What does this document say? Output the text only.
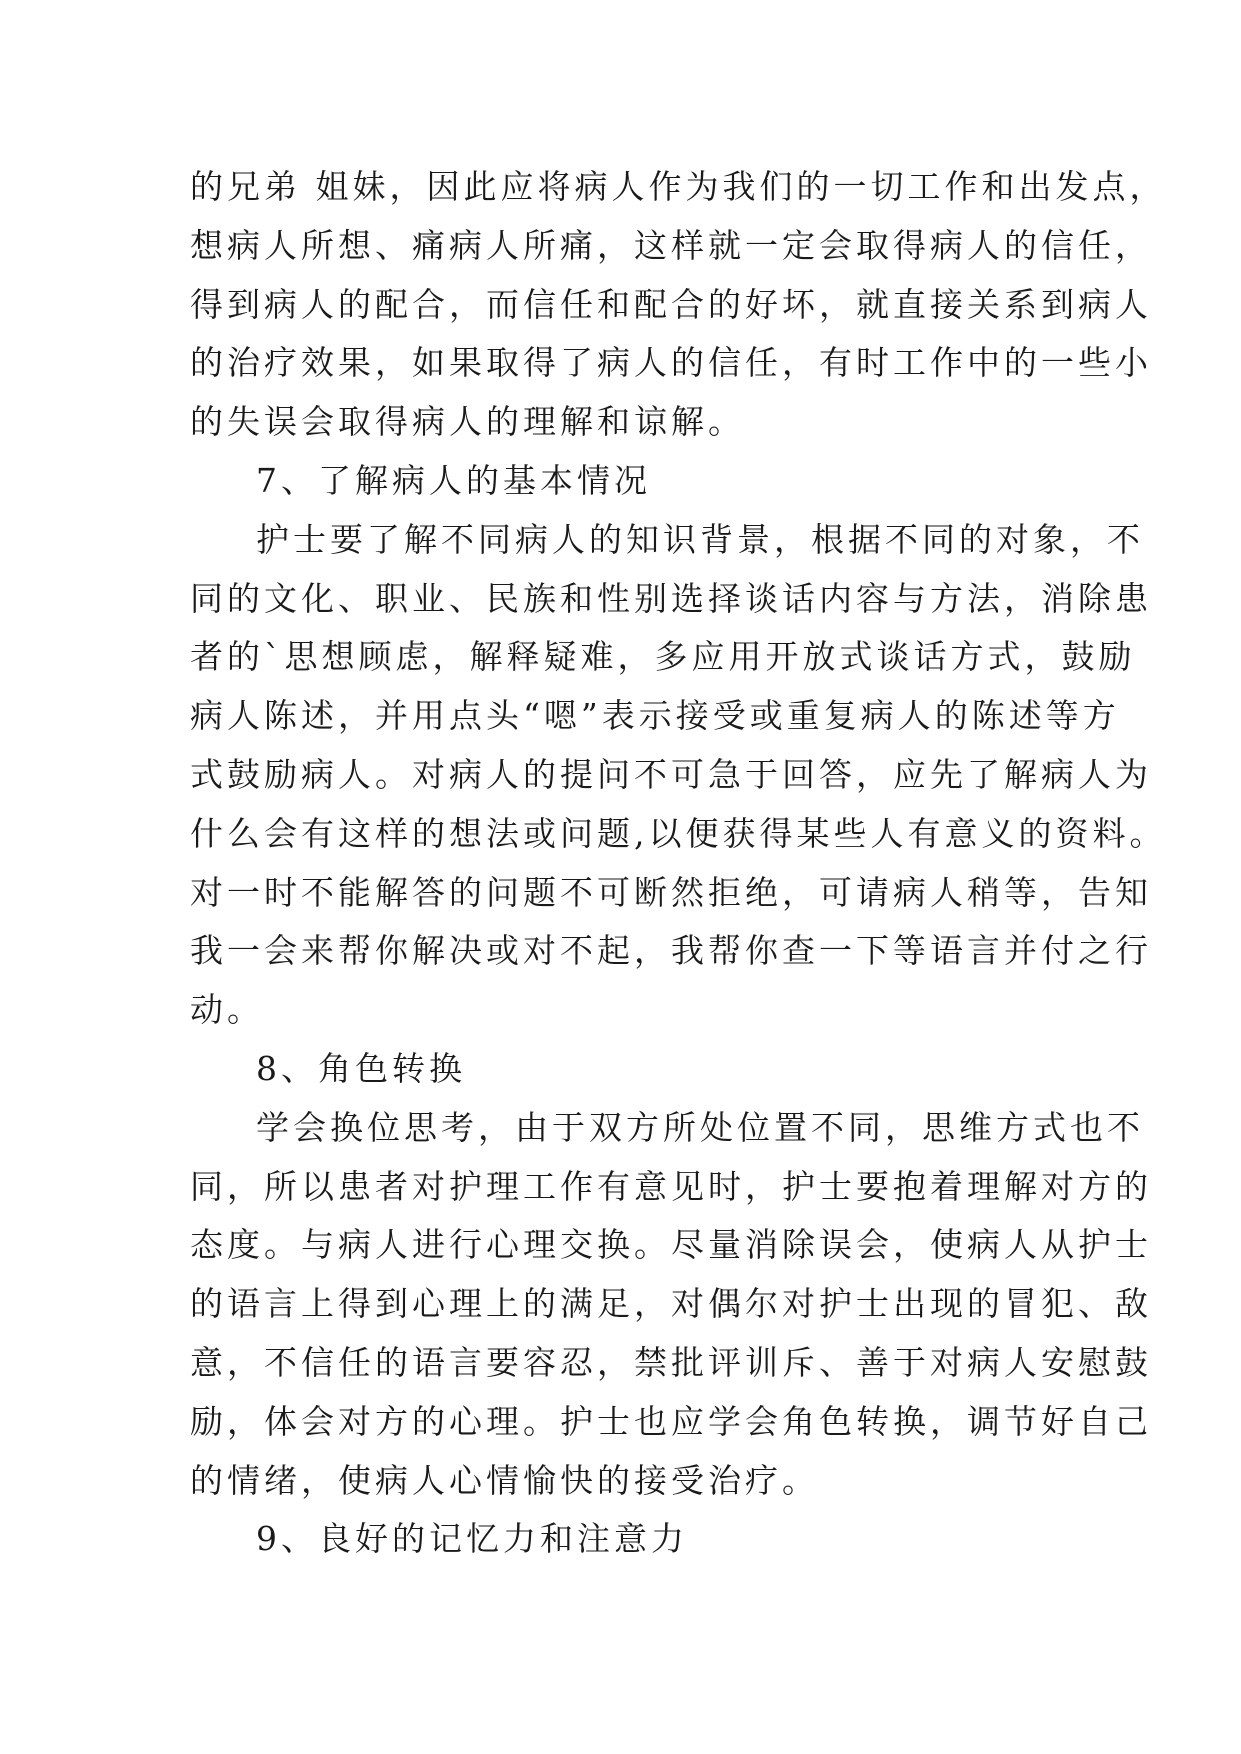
的兄弟 姐妹，因此应将病人作为我们的一切工作和出发点，
想病人所想、痛病人所痛，这样就一定会取得病人的信任，
得到病人的配合，而信任和配合的好坏，就直接关系到病人
的治疗效果，如果取得了病人的信任，有时工作中的一些小
的失误会取得病人的理解和谅解。
7、了解病人的基本情况
护士要了解不同病人的知识背景，根据不同的对象，不
同的文化、职业、民族和性别选择谈话内容与方法，消除患
者的`思想顾虑，解释疑难，多应用开放式谈话方式，鼓励
病人陈述，并用点头“嗯”表示接受或重复病人的陈述等方
式鼓励病人。对病人的提问不可急于回答，应先了解病人为
什么会有这样的想法或问题,以便获得某些人有意义的资料。
对一时不能解答的问题不可断然拒绝，可请病人稍等，告知
我一会来帮你解决或对不起，我帮你查一下等语言并付之行
动。
8、角色转换
学会换位思考，由于双方所处位置不同，思维方式也不
同，所以患者对护理工作有意见时，护士要抱着理解对方的
态度。与病人进行心理交换。尽量消除误会，使病人从护士
的语言上得到心理上的满足，对偶尔对护士出现的冒犯、敌
意，不信任的语言要容忍，禁批评训斥、善于对病人安慰鼓
励，体会对方的心理。护士也应学会角色转换，调节好自己
的情绪，使病人心情愉快的接受治疗。
9、良好的记忆力和注意力
